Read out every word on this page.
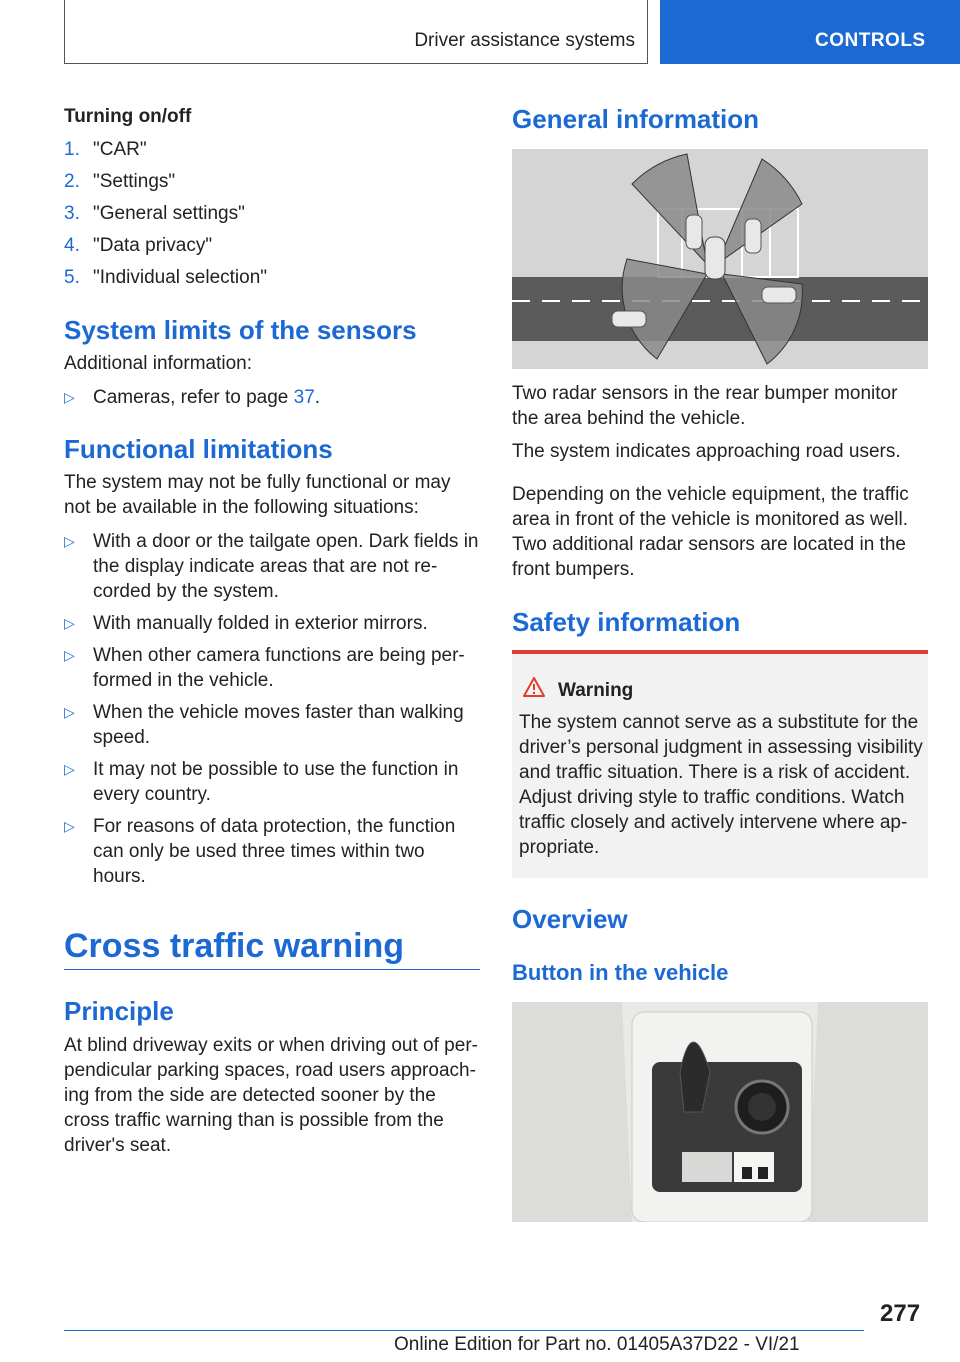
Driver assistance systems	CONTROLS
Turning on/off
1. "CAR"
2. "Settings"
3. "General settings"
4. "Data privacy"
5. "Individual selection"
System limits of the sensors
Additional information:
▷ Cameras, refer to page 37.
Functional limitations
The system may not be fully functional or may not be available in the following situations:
▷ With a door or the tailgate open. Dark fields in the display indicate areas that are not re-corded by the system.
▷ With manually folded in exterior mirrors.
▷ When other camera functions are being per-formed in the vehicle.
▷ When the vehicle moves faster than walking speed.
▷ It may not be possible to use the function in every country.
▷ For reasons of data protection, the function can only be used three times within two hours.
Cross traffic warning
Principle
At blind driveway exits or when driving out of per-pendicular parking spaces, road users approach-ing from the side are detected sooner by the cross traffic warning than is possible from the driver's seat.
General information
Two radar sensors in the rear bumper monitor the area behind the vehicle.
The system indicates approaching road users.
Depending on the vehicle equipment, the traffic area in front of the vehicle is monitored as well. Two additional radar sensors are located in the front bumpers.
Safety information
Warning
The system cannot serve as a substitute for the driver’s personal judgment in assessing visibility and traffic situation. There is a risk of accident. Adjust driving style to traffic conditions. Watch traffic closely and actively intervene where ap-propriate.
Overview
Button in the vehicle
277
Online Edition for Part no. 01405A37D22 - VI/21
